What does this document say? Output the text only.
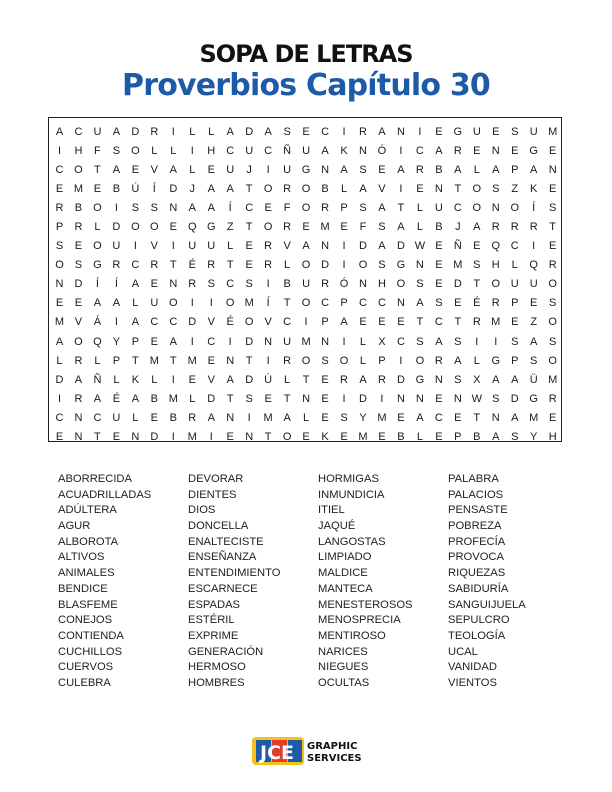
SOPA DE LETRAS
Proverbios Capítulo 30
A	C	U	A	D	R	I	L	L	A	D	A	S	E	C	I	R	A	N	I	E	G U	E	S	U M
I	H	F	S	O	L	L	I	H	C	U	C	Ñ	U	A	K	N Ó	I	C	A	R	E	N	E	G	E
C O	T	A	E	V	A	L	E	U	J	I	U G N	A	S	E	A	R	B	A	L	A	P	A	N
E M E	B	Ú	Í	D	J	A	A	T	O R O	B	L	A	V	I	E	N	T	O	S	Z	K	E
R	B	O	I	S	S	N	A	A	Í	C	E	F	O R	P	S	A	T	L	U	C O N O	Í	S
P	R	L	D O O	E	Q G	Z	T	O R	E M E	F	S	A	L	B	J	A	R	R	R	T
S	E	O U	I	V	I	U	U	L	E	R	V	A	N	I	D	A	D W E	Ñ	E	Q C	I	E
O	S	G R	C	R	T	É	R	T	E	R	L	O D	I	O	S	G N	E M S	H	L	Q R
N	D	Í	Í	A	E	N	R	S	C	S	I	B	U	R Ó N	H O	S	E	D	T	O U	U O
E	E	A	A	L	U O	I	I	O M	Í	T	O C	P	C	C	N	A	S	E	É	R	P	E	S
M V	Á	I	A	C	C	D	V	É	O	V	C	I	P	A	E	E	E	T	C	T	R M E	Z	O
A	O Q	Y	P	E	A	I	C	I	D	N	U M N	I	L	X	C	S	A	S	I	I	S	A	S
L	R	L	P	T	M	T	M E	N	T	I	R O	S	O	L	P	I	O R	A	L	G	P	S	O
D	A	Ñ	L	K	L	I	E	V	A	D	Ú	L	T	E	R	A	R	D G N	S	X	A	A	Ü M
I	R	A	É	A	B M	L	D	T	S	E	T	N	E	I	D	I	N	N	E	N W S	D G R
C	N	C	U	L	E	B	R	A	N	I	M A	L	E	S	Y M E	A	C	E	T	N	A M E
E	N	T	E	N	D	I	M	I	E	N	T	O	E	K	E M E	B	L	E	P	B	A	S	Y	H
ABORRECIDA
ACUADRILLADAS
ADÚLTERA
AGUR
ALBOROTA
ALTIVOS
ANIMALES
BENDICE
BLASFEME
CONEJOS
CONTIENDA
CUCHILLOS
CUERVOS
CULEBRA
DEVORAR
DIENTES
DIOS
DONCELLA
ENALTECISTE
ENSEÑANZA
ENTENDIMIENTO
ESCARNECE
ESPADAS
ESTÉRIL
EXPRIME
GENERACIÓN
HERMOSO
HOMBRES
HORMIGAS
INMUNDICIA
ITIEL
JAQUÉ
LANGOSTAS
LIMPIADO
MALDICE
MANTECA
MENESTEROSOS
MENOSPRECIA
MENTIROSO
NARICES
NIEGUES
OCULTAS
PALABRA
PALACIOS
PENSASTE
POBREZA
PROFECÍA
PROVOCA
RIQUEZAS
SABIDURÍA
SANGUIJUELA
SEPULCRO
TEOLOGÍA
UCAL
VANIDAD
VIENTOS
JCE GRAPHIC
SERVICES
